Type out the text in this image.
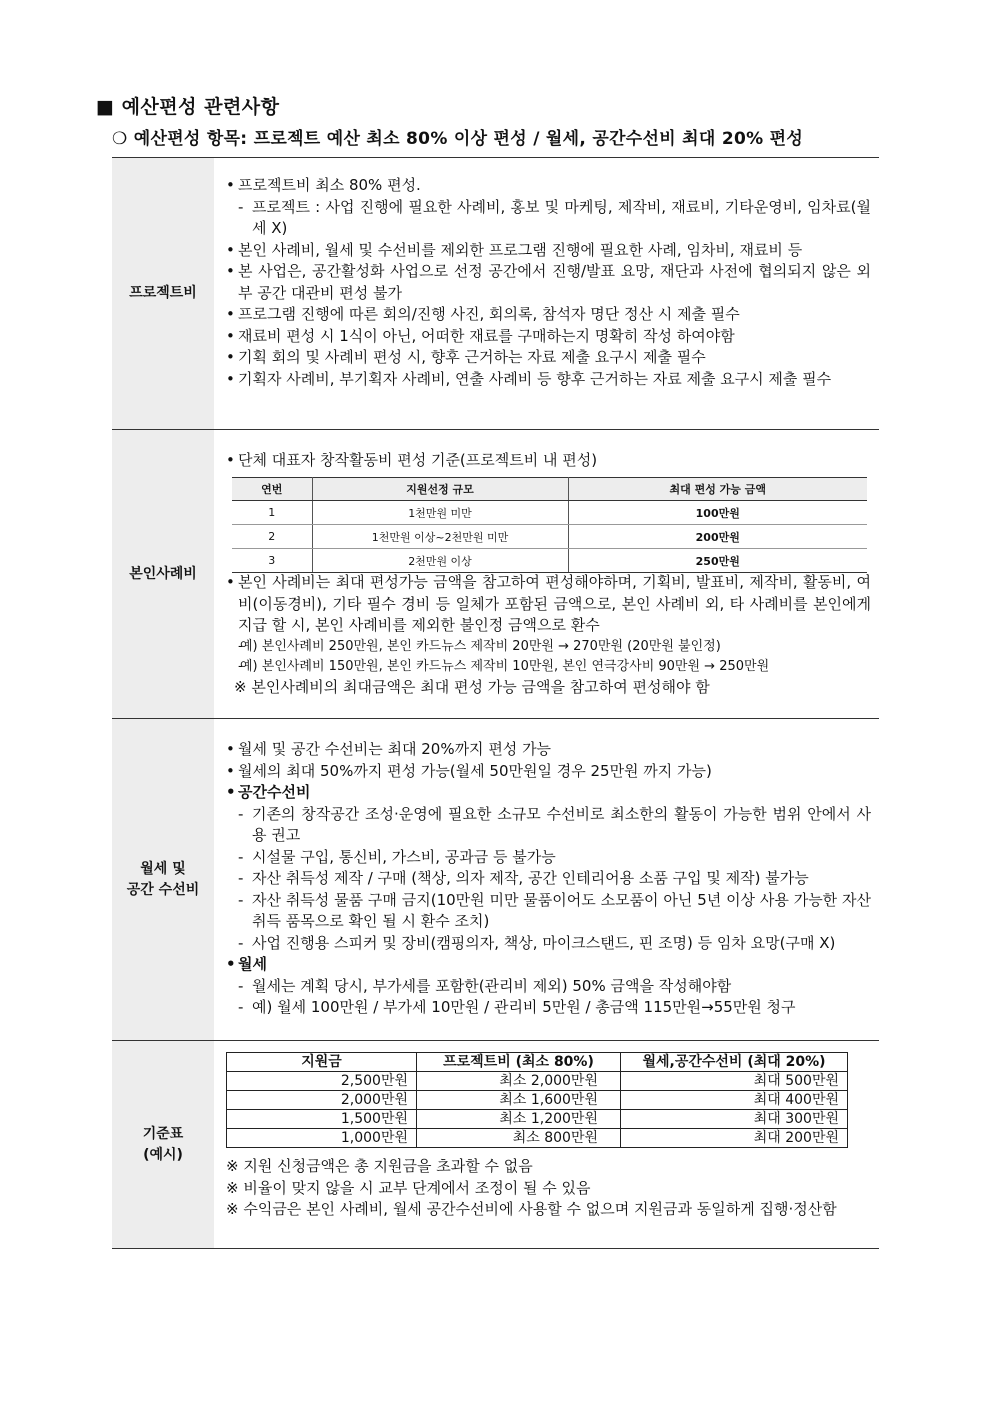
■ 예산편성 관련사항
❍ 예산편성 항목: 프로젝트 예산 최소 80% 이상 편성 / 월세, 공간수선비 최대 20% 편성
프로젝트비
• 프로젝트비 최소 80% 편성.
- 프로젝트 : 사업 진행에 필요한 사례비, 홍보 및 마케팅, 제작비, 재료비, 기타운영비, 임차료(월세 X)
• 본인 사례비, 월세 및 수선비를 제외한 프로그램 진행에 필요한 사례, 임차비, 재료비 등
• 본 사업은, 공간활성화 사업으로 선정 공간에서 진행/발표 요망, 재단과 사전에 협의되지 않은 외부 공간 대관비 편성 불가
• 프로그램 진행에 따른 회의/진행 사진, 회의록, 참석자 명단 정산 시 제출 필수
• 재료비 편성 시 1식이 아닌, 어떠한 재료를 구매하는지 명확히 작성 하여야함
• 기획 회의 및 사례비 편성 시, 향후 근거하는 자료 제출 요구시 제출 필수
• 기획자 사례비, 부기획자 사례비, 연출 사례비 등 향후 근거하는 자료 제출 요구시 제출 필수
본인사례비
• 단체 대표자 창작활동비 편성 기준(프로젝트비 내 편성)
연번	지원선정 규모	최대 편성 가능 금액
1	1천만원 미만	100만원
2	1천만원 이상~2천만원 미만	200만원
3	2천만원 이상	250만원
• 본인 사례비는 최대 편성가능 금액을 참고하여 편성해야하며, 기획비, 발표비, 제작비, 활동비, 여비(이동경비), 기타 필수 경비 등 일체가 포함된 금액으로, 본인 사례비 외, 타 사례비를 본인에게 지급 할 시, 본인 사례비를 제외한 불인정 금액으로 환수
- 예) 본인사례비 250만원, 본인 카드뉴스 제작비 20만원 → 270만원 (20만원 불인정)
- 예) 본인사례비 150만원, 본인 카드뉴스 제작비 10만원, 본인 연극강사비 90만원 → 250만원
※ 본인사례비의 최대금액은 최대 편성 가능 금액을 참고하여 편성해야 함
월세 및
공간 수선비
• 월세 및 공간 수선비는 최대 20%까지 편성 가능
• 월세의 최대 50%까지 편성 가능(월세 50만원일 경우 25만원 까지 가능)
• 공간수선비
- 기존의 창작공간 조성·운영에 필요한 소규모 수선비로 최소한의 활동이 가능한 범위 안에서 사용 권고
- 시설물 구입, 통신비, 가스비, 공과금 등 불가능
- 자산 취득성 제작 / 구매 (책상, 의자 제작, 공간 인테리어용 소품 구입 및 제작) 불가능
- 자산 취득성 물품 구매 금지(10만원 미만 물품이어도 소모품이 아닌 5년 이상 사용 가능한 자산취득 품목으로 확인 될 시 환수 조치)
- 사업 진행용 스피커 및 장비(캠핑의자, 책상, 마이크스탠드, 핀 조명) 등 임차 요망(구매 X)
• 월세
- 월세는 계획 당시, 부가세를 포함한(관리비 제외) 50% 금액을 작성해야함
- 예) 월세 100만원 / 부가세 10만원 / 관리비 5만원 / 총금액 115만원→55만원 청구
기준표
(예시)
지원금	프로젝트비 (최소 80%)	월세,공간수선비 (최대 20%)
2,500만원	최소 2,000만원	최대 500만원
2,000만원	최소 1,600만원	최대 400만원
1,500만원	최소 1,200만원	최대 300만원
1,000만원	최소 800만원	최대 200만원
※ 지원 신청금액은 총 지원금을 초과할 수 없음
※ 비율이 맞지 않을 시 교부 단계에서 조정이 될 수 있음
※ 수익금은 본인 사례비, 월세 공간수선비에 사용할 수 없으며 지원금과 동일하게 집행·정산함
